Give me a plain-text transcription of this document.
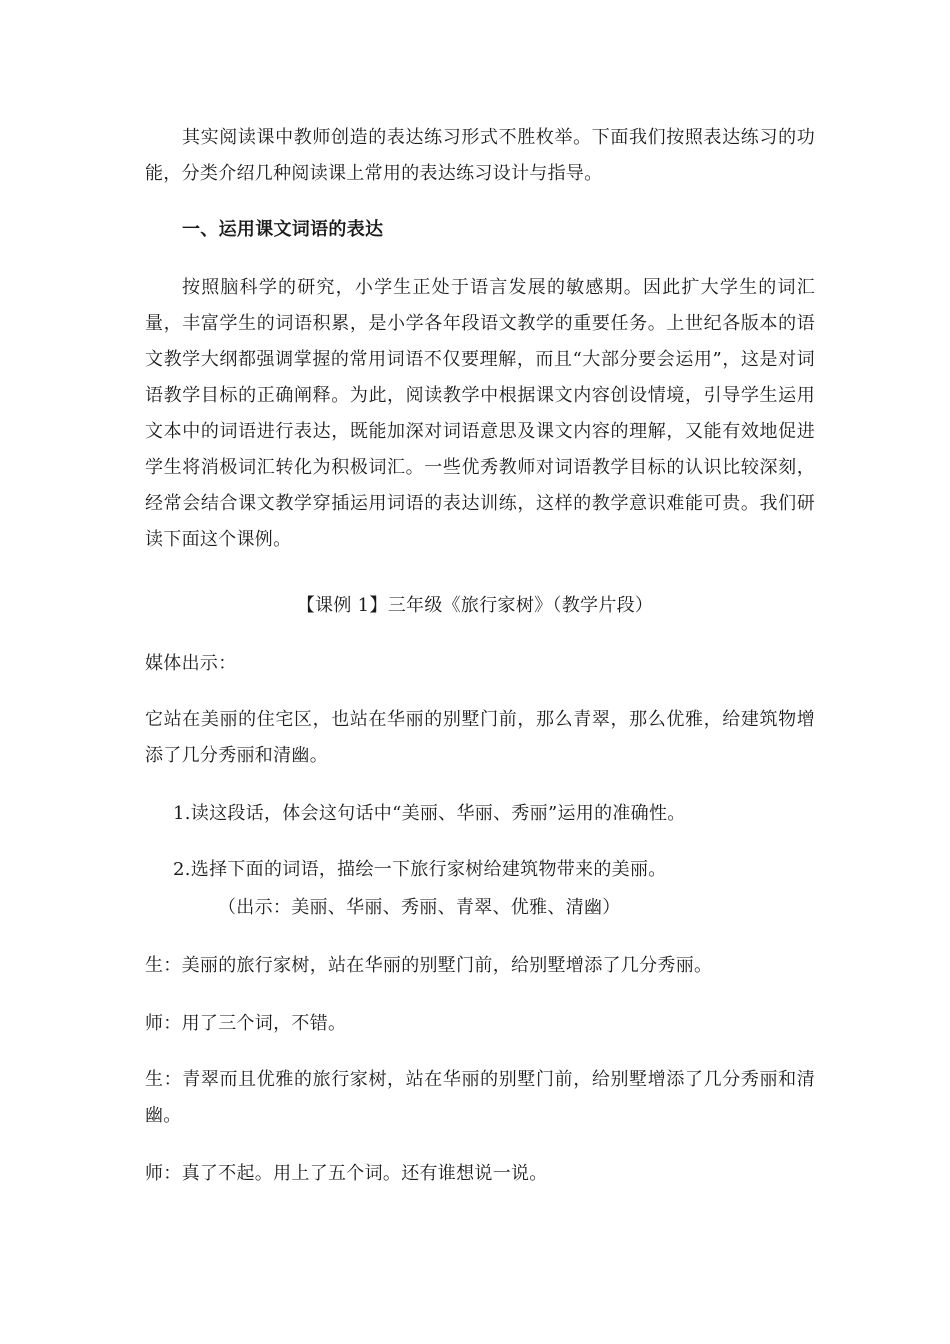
其实阅读课中教师创造的表达练习形式不胜枚举。下面我们按照表达练习的功能，分类介绍几种阅读课上常用的表达练习设计与指导。

一、运用课文词语的表达

按照脑科学的研究，小学生正处于语言发展的敏感期。因此扩大学生的词汇量，丰富学生的词语积累，是小学各年段语文教学的重要任务。上世纪各版本的语文教学大纲都强调掌握的常用词语不仅要理解，而且“大部分要会运用”，这是对词语教学目标的正确阐释。为此，阅读教学中根据课文内容创设情境，引导学生运用文本中的词语进行表达，既能加深对词语意思及课文内容的理解，又能有效地促进学生将消极词汇转化为积极词汇。一些优秀教师对词语教学目标的认识比较深刻，经常会结合课文教学穿插运用词语的表达训练，这样的教学意识难能可贵。我们研读下面这个课例。

【课例 1】三年级《旅行家树》（教学片段）

媒体出示：

它站在美丽的住宅区，也站在华丽的别墅门前，那么青翠，那么优雅，给建筑物增添了几分秀丽和清幽。

1.读这段话，体会这句话中“美丽、华丽、秀丽”运用的准确性。

2.选择下面的词语，描绘一下旅行家树给建筑物带来的美丽。

（出示：美丽、华丽、秀丽、青翠、优雅、清幽）

生：美丽的旅行家树，站在华丽的别墅门前，给别墅增添了几分秀丽。

师：用了三个词，不错。

生：青翠而且优雅的旅行家树，站在华丽的别墅门前，给别墅增添了几分秀丽和清幽。

师：真了不起。用上了五个词。还有谁想说一说。
